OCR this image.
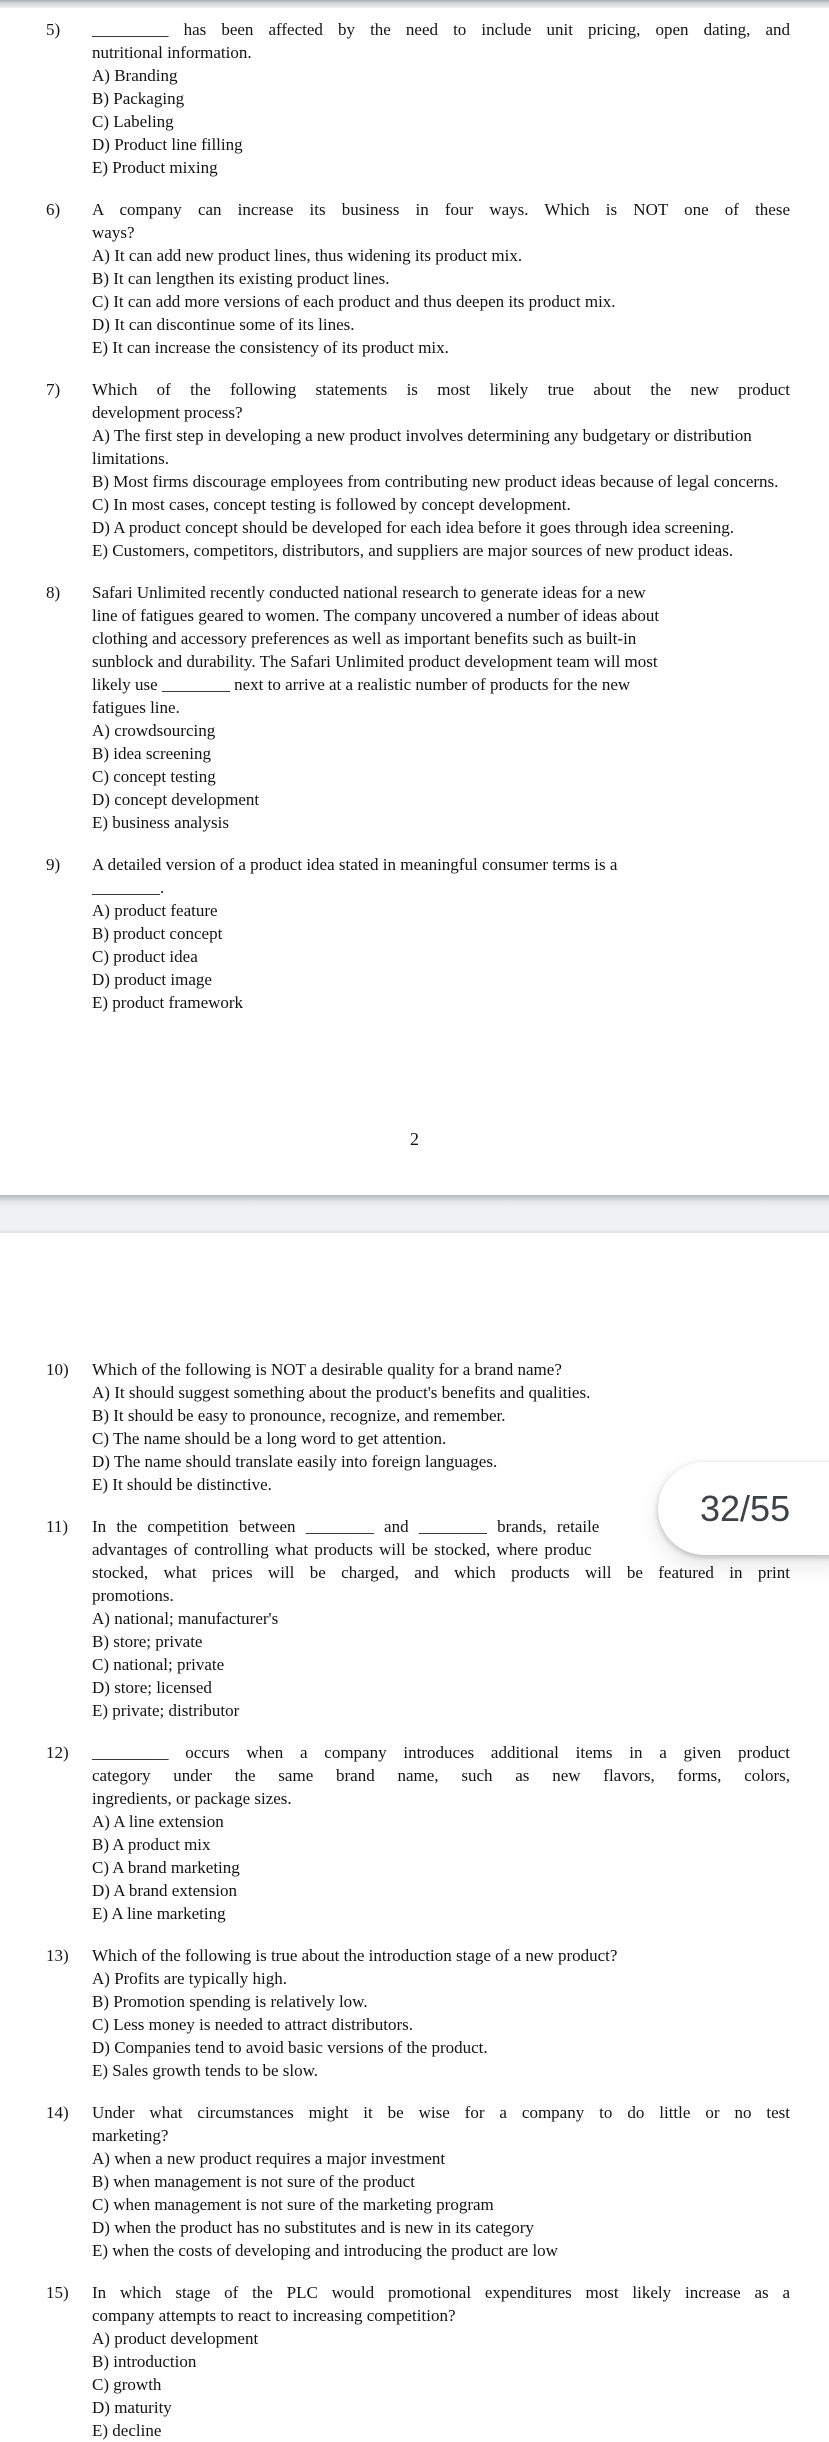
5) _________ has been affected by the need to include unit pricing, open dating, and
nutritional information.
A) Branding
B) Packaging
C) Labeling
D) Product line filling
E) Product mixing
6) A company can increase its business in four ways. Which is NOT one of these
ways?
A) It can add new product lines, thus widening its product mix.
B) It can lengthen its existing product lines.
C) It can add more versions of each product and thus deepen its product mix.
D) It can discontinue some of its lines.
E) It can increase the consistency of its product mix.
7) Which of the following statements is most likely true about the new product
development process?
A) The first step in developing a new product involves determining any budgetary or distribution limitations.
B) Most firms discourage employees from contributing new product ideas because of legal concerns.
C) In most cases, concept testing is followed by concept development.
D) A product concept should be developed for each idea before it goes through idea screening.
E) Customers, competitors, distributors, and suppliers are major sources of new product ideas.
8) Safari Unlimited recently conducted national research to generate ideas for a new
line of fatigues geared to women. The company uncovered a number of ideas about
clothing and accessory preferences as well as important benefits such as built-in
sunblock and durability. The Safari Unlimited product development team will most
likely use ________ next to arrive at a realistic number of products for the new
fatigues line.
A) crowdsourcing
B) idea screening
C) concept testing
D) concept development
E) business analysis
9) A detailed version of a product idea stated in meaningful consumer terms is a
________.
A) product feature
B) product concept
C) product idea
D) product image
E) product framework
2
10) Which of the following is NOT a desirable quality for a brand name?
A) It should suggest something about the product's benefits and qualities.
B) It should be easy to pronounce, recognize, and remember.
C) The name should be a long word to get attention.
D) The name should translate easily into foreign languages.
E) It should be distinctive.
11) In the competition between ________ and ________ brands, retaile
advantages of controlling what products will be stocked, where produc
stocked, what prices will be charged, and which products will be featured in print
promotions.
A) national; manufacturer's
B) store; private
C) national; private
D) store; licensed
E) private; distributor
12) _________ occurs when a company introduces additional items in a given product
category under the same brand name, such as new flavors, forms, colors,
ingredients, or package sizes.
A) A line extension
B) A product mix
C) A brand marketing
D) A brand extension
E) A line marketing
13) Which of the following is true about the introduction stage of a new product?
A) Profits are typically high.
B) Promotion spending is relatively low.
C) Less money is needed to attract distributors.
D) Companies tend to avoid basic versions of the product.
E) Sales growth tends to be slow.
14) Under what circumstances might it be wise for a company to do little or no test
marketing?
A) when a new product requires a major investment
B) when management is not sure of the product
C) when management is not sure of the marketing program
D) when the product has no substitutes and is new in its category
E) when the costs of developing and introducing the product are low
15) In which stage of the PLC would promotional expenditures most likely increase as a
company attempts to react to increasing competition?
A) product development
B) introduction
C) growth
D) maturity
E) decline
32/55
